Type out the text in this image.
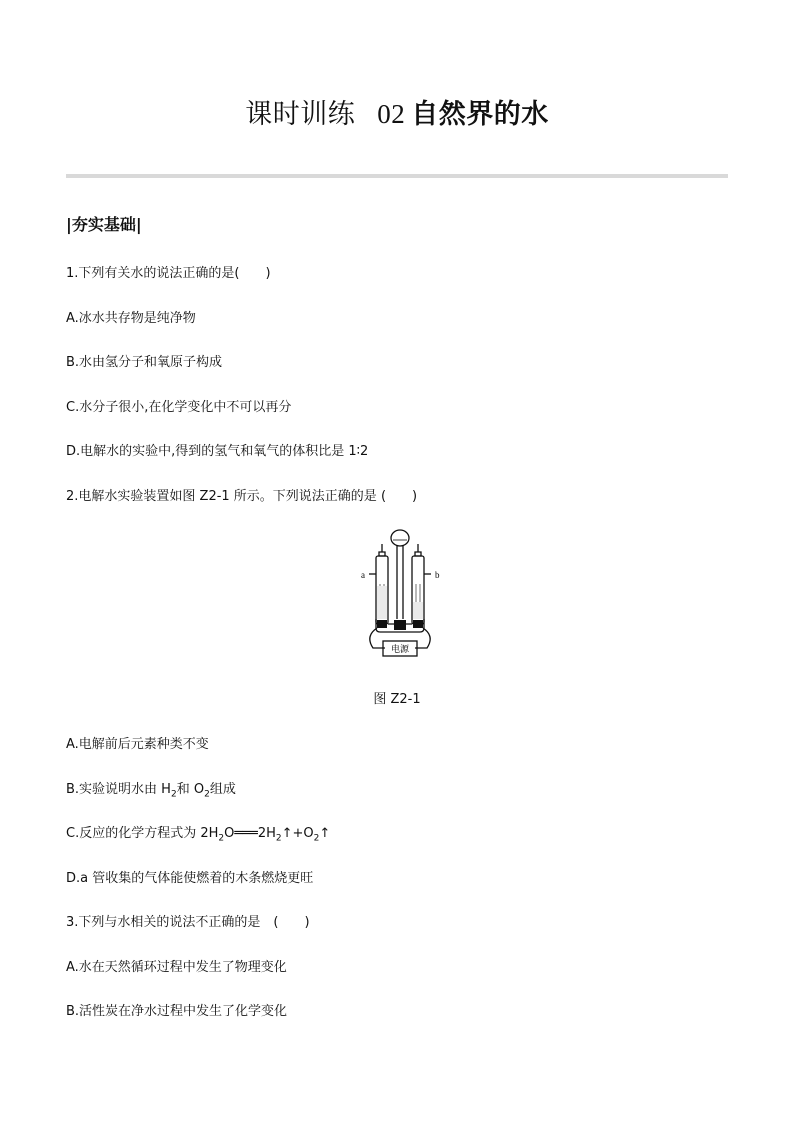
课时训练 02 自然界的水
|夯实基础|
1.下列有关水的说法正确的是(　　)
A.冰水共存物是纯净物
B.水由氢分子和氧原子构成
C.水分子很小,在化学变化中不可以再分
D.电解水的实验中,得到的氢气和氧气的体积比是 1∶2
2.电解水实验装置如图 Z2-1 所示。下列说法正确的是 (　　)
a	b
电源
图 Z2-1
A.电解前后元素种类不变
B.实验说明水由 $H_2$和 $O_2$组成
C.反应的化学方程式为 $2H_2O═══2H_2↑+O_2↑$
D.a 管收集的气体能使燃着的木条燃烧更旺
3.下列与水相关的说法不正确的是　(　　)
A.水在天然循环过程中发生了物理变化
B.活性炭在净水过程中发生了化学变化
